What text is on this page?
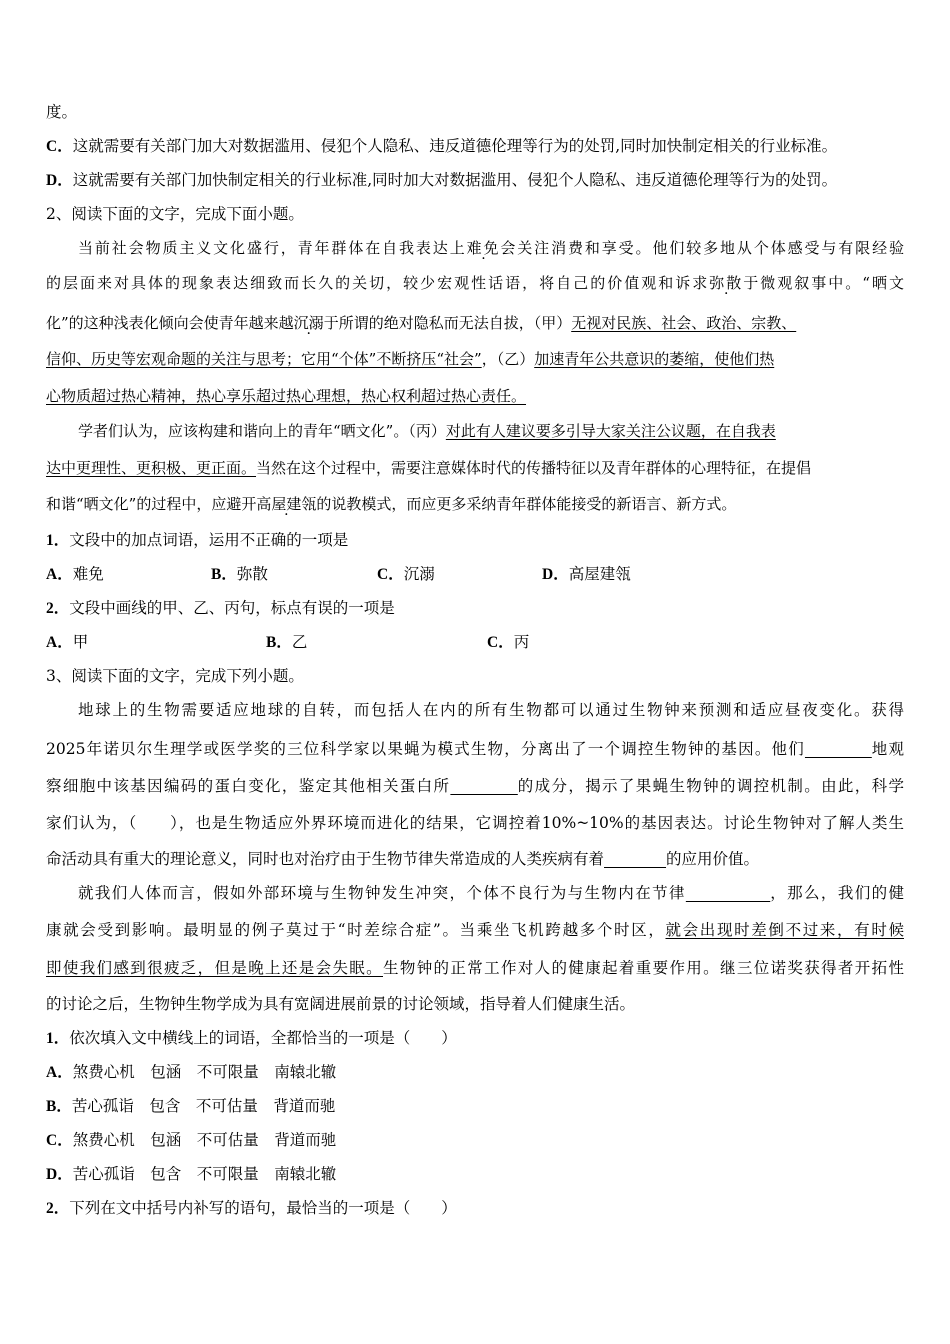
度。
C．这就需要有关部门加大对数据滥用、侵犯个人隐私、违反道德伦理等行为的处罚,同时加快制定相关的行业标准。
D．这就需要有关部门加快制定相关的行业标准,同时加大对数据滥用、侵犯个人隐私、违反道德伦理等行为的处罚。
2、阅读下面的文字，完成下面小题。
当前社会物质主义文化盛行，青年群体在自我表达上难免会关注消费和享受。他们较多地从个体感受与有限经验
的层面来对具体的现象表达细致而长久的关切，较少宏观性话语，将自己的价值观和诉求弥散于微观叙事中。“晒文
化”的这种浅表化倾向会使青年越来越沉溺于所谓的绝对隐私而无法自拔，（甲）无视对民族、社会、政治、宗教、
信仰、历史等宏观命题的关注与思考；它用“个体”不断挤压“社会”，（乙）加速青年公共意识的萎缩，使他们热
心物质超过热心精神，热心享乐超过热心理想，热心权利超过热心责任。
学者们认为，应该构建和谐向上的青年“晒文化”。（丙）对此有人建议要多引导大家关注公议题，在自我表
达中更理性、更积极、更正面。当然在这个过程中，需要注意媒体时代的传播特征以及青年群体的心理特征，在提倡
和谐“晒文化”的过程中，应避开高屋建瓴的说教模式，而应更多采纳青年群体能接受的新语言、新方式。
1．文段中的加点词语，运用不正确的一项是
A．难免	B．弥散	C．沉溺	D．高屋建瓴
2．文段中画线的甲、乙、丙句，标点有误的一项是
A．甲	B．乙	C．丙
3、阅读下面的文字，完成下列小题。
地球上的生物需要适应地球的自转，而包括人在内的所有生物都可以通过生物钟来预测和适应昼夜变化。获得
2025年诺贝尔生理学或医学奖的三位科学家以果蝇为模式生物，分离出了一个调控生物钟的基因。他们　　　　	地观
察细胞中该基因编码的蛋白变化，鉴定其他相关蛋白所　　　　	的成分，揭示了果蝇生物钟的调控机制。由此，科学
家们认为，（　　），也是生物适应外界环境而进化的结果，它调控着10%~10%的基因表达。讨论生物钟对了解人类生
命活动具有重大的理论意义，同时也对治疗由于生物节律失常造成的人类疾病有着　　　　	的应用价值。
就我们人体而言，假如外部环境与生物钟发生冲突，个体不良行为与生物内在节律　　　　　	，那么，我们的健
康就会受到影响。最明显的例子莫过于“时差综合症”。当乘坐飞机跨越多个时区，就会出现时差倒不过来，有时候
即使我们感到很疲乏，但是晚上还是会失眠。生物钟的正常工作对人的健康起着重要作用。继三位诺奖获得者开拓性
的讨论之后，生物钟生物学成为具有宽阔进展前景的讨论领域，指导着人们健康生活。
1．依次填入文中横线上的词语，全都恰当的一项是（　　）
A．煞费心机　包涵　不可限量　南辕北辙
B．苦心孤诣　包含　不可估量　背道而驰
C．煞费心机　包涵　不可估量　背道而驰
D．苦心孤诣　包含　不可限量　南辕北辙
2．下列在文中括号内补写的语句，最恰当的一项是（　　）
